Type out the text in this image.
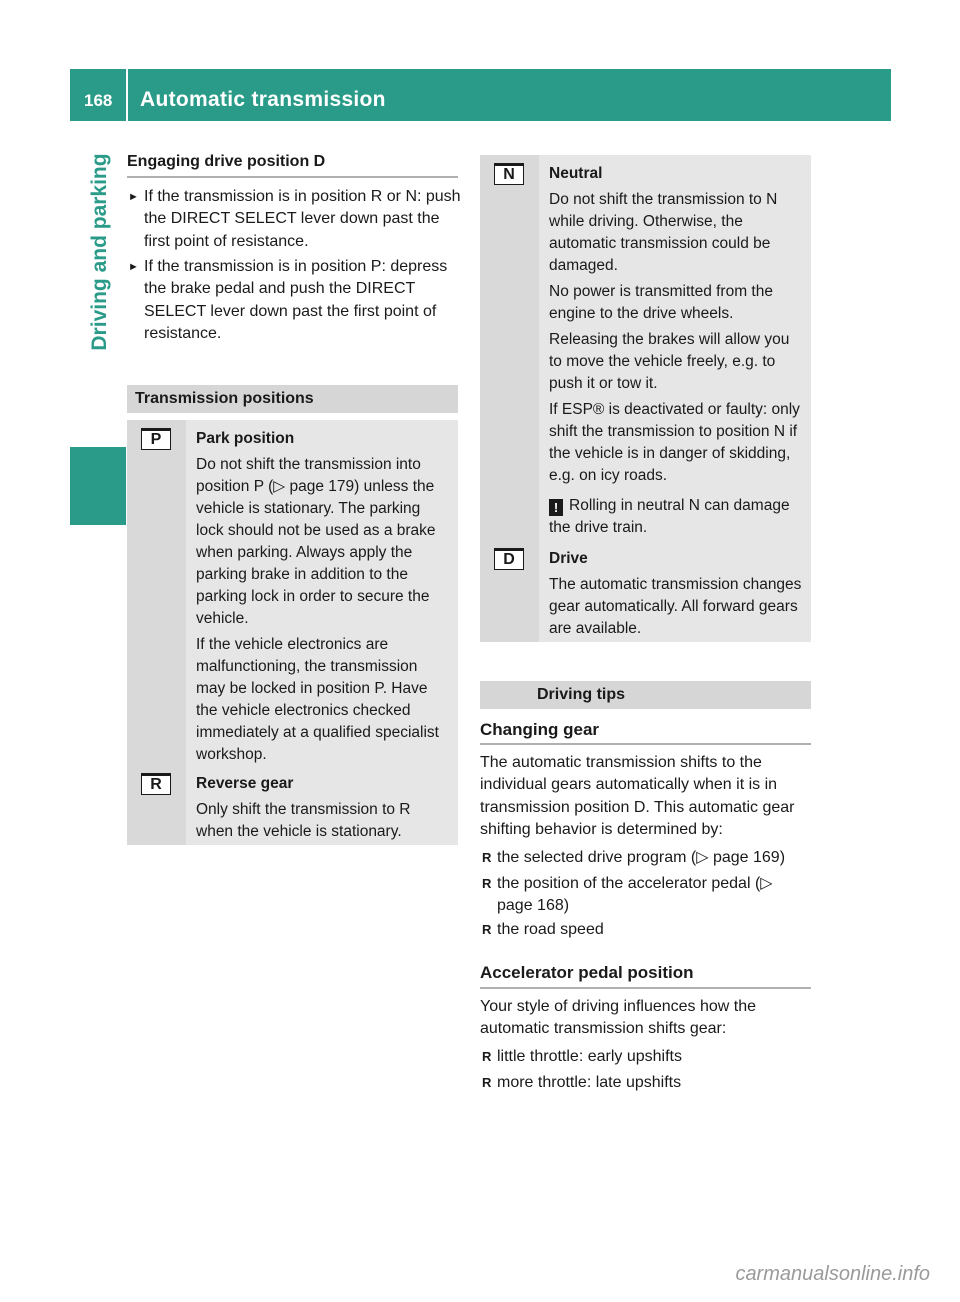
168 Automatic transmission
Driving and parking Engaging drive position D
► If the transmission is in position R or N: push the DIRECT SELECT lever down past the first point of resistance.
► If the transmission is in position P: depress the brake pedal and push the DIRECT SELECT lever down past the first point of resistance.
Transmission positions
P	Park position

Do not shift the transmission into position P (▷ page 179) unless the vehicle is stationary. The parking lock should not be used as a brake when parking. Always apply the parking brake in addition to the parking lock in order to secure the vehicle.

If the vehicle electronics are malfunctioning, the transmission may be locked in position P. Have the vehicle electronics checked immediately at a qualified specialist workshop.

R	Reverse gear

Only shift the transmission to R when the vehicle is stationary.

N	Neutral

Do not shift the transmission to N while driving. Otherwise, the automatic transmission could be damaged.

No power is transmitted from the engine to the drive wheels.

Releasing the brakes will allow you to move the vehicle freely, e.g. to push it or tow it.

If ESP® is deactivated or faulty: only shift the transmission to position N if the vehicle is in danger of skidding, e.g. on icy roads.

! Rolling in neutral N can damage the drive train.

D	Drive

The automatic transmission changes gear automatically. All forward gears are available.

Driving tips
Changing gear
The automatic transmission shifts to the individual gears automatically when it is in transmission position D. This automatic gear shifting behavior is determined by:
R the selected drive program (▷ page 169)
R the position of the accelerator pedal (▷ page 168)
R the road speed
Accelerator pedal position
Your style of driving influences how the automatic transmission shifts gear:
R little throttle: early upshifts
R more throttle: late upshifts
carmanualsonline.info
